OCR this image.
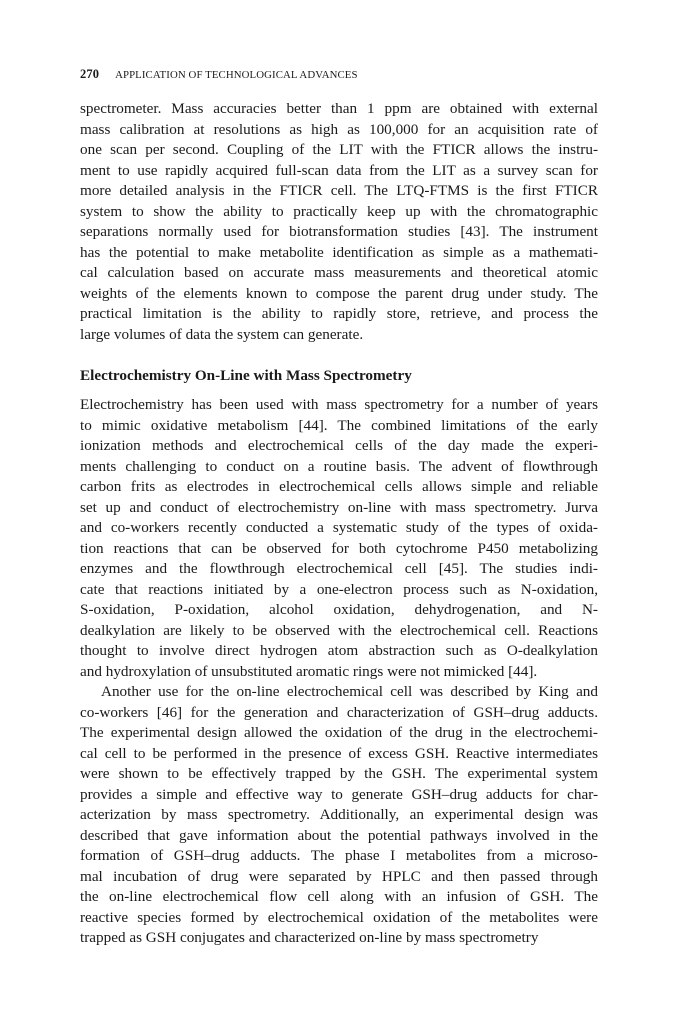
270 APPLICATION OF TECHNOLOGICAL ADVANCES
spectrometer. Mass accuracies better than 1 ppm are obtained with external
mass calibration at resolutions as high as 100,000 for an acquisition rate of
one scan per second. Coupling of the LIT with the FTICR allows the instru-
ment to use rapidly acquired full-scan data from the LIT as a survey scan for
more detailed analysis in the FTICR cell. The LTQ-FTMS is the first FTICR
system to show the ability to practically keep up with the chromatographic
separations normally used for biotransformation studies [43]. The instrument
has the potential to make metabolite identification as simple as a mathemati-
cal calculation based on accurate mass measurements and theoretical atomic
weights of the elements known to compose the parent drug under study. The
practical limitation is the ability to rapidly store, retrieve, and process the
large volumes of data the system can generate.
Electrochemistry On-Line with Mass Spectrometry
Electrochemistry has been used with mass spectrometry for a number of years
to mimic oxidative metabolism [44]. The combined limitations of the early
ionization methods and electrochemical cells of the day made the experi-
ments challenging to conduct on a routine basis. The advent of flowthrough
carbon frits as electrodes in electrochemical cells allows simple and reliable
set up and conduct of electrochemistry on-line with mass spectrometry. Jurva
and co-workers recently conducted a systematic study of the types of oxida-
tion reactions that can be observed for both cytochrome P450 metabolizing
enzymes and the flowthrough electrochemical cell [45]. The studies indi-
cate that reactions initiated by a one-electron process such as N-oxidation,
S-oxidation, P-oxidation, alcohol oxidation, dehydrogenation, and N-
dealkylation are likely to be observed with the electrochemical cell. Reactions
thought to involve direct hydrogen atom abstraction such as O-dealkylation
and hydroxylation of unsubstituted aromatic rings were not mimicked [44].
Another use for the on-line electrochemical cell was described by King and
co-workers [46] for the generation and characterization of GSH–drug adducts.
The experimental design allowed the oxidation of the drug in the electrochemi-
cal cell to be performed in the presence of excess GSH. Reactive intermediates
were shown to be effectively trapped by the GSH. The experimental system
provides a simple and effective way to generate GSH–drug adducts for char-
acterization by mass spectrometry. Additionally, an experimental design was
described that gave information about the potential pathways involved in the
formation of GSH–drug adducts. The phase I metabolites from a microso-
mal incubation of drug were separated by HPLC and then passed through
the on-line electrochemical flow cell along with an infusion of GSH. The
reactive species formed by electrochemical oxidation of the metabolites were
trapped as GSH conjugates and characterized on-line by mass spectrometry
